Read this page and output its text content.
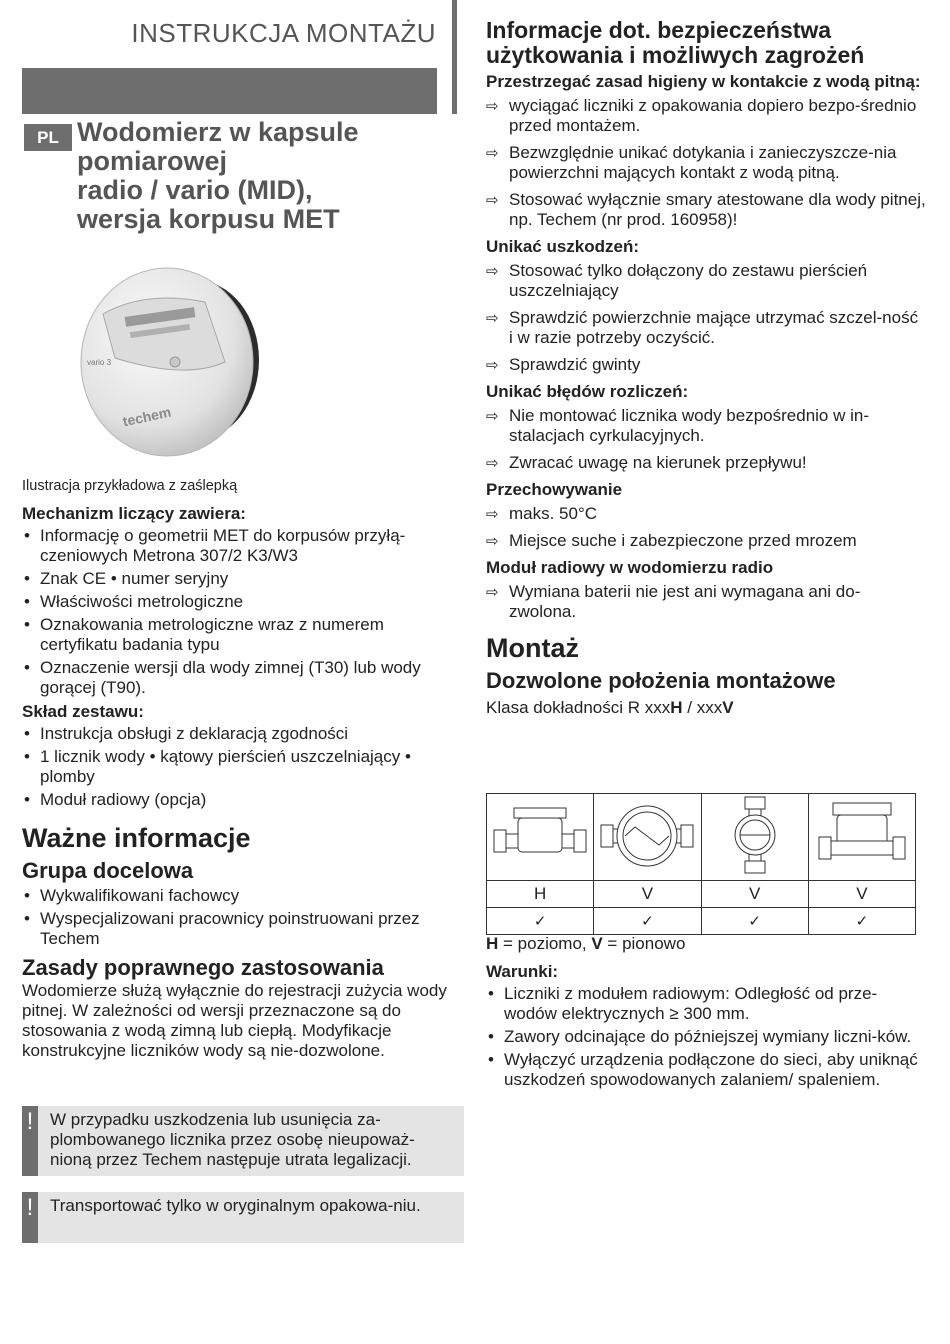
INSTRUKCJA MONTAŻU
PL Wodomierz w kapsule
pomiarowej
radio / vario (MID),
wersja korpusu MET
vario 3
techem
Ilustracja przykładowa z zaślepką
Mechanizm liczący zawiera:
• Informację o geometrii MET do korpusów przyłą-czeniowych Metrona 307/2 K3/W3
• Znak CE • numer seryjny
• Właściwości metrologiczne
• Oznakowania metrologiczne wraz z numerem certyfikatu badania typu
• Oznaczenie wersji dla wody zimnej (T30) lub wody gorącej (T90).
Skład zestawu:
• Instrukcja obsługi z deklaracją zgodności
• 1 licznik wody • kątowy pierścień uszczelniający • plomby
• Moduł radiowy (opcja)
Ważne informacje
Grupa docelowa
• Wykwalifikowani fachowcy
• Wyspecjalizowani pracownicy poinstruowani przez Techem
Zasady poprawnego zastosowania
Wodomierze służą wyłącznie do rejestracji zużycia wody pitnej. W zależności od wersji przeznaczone są do stosowania z wodą zimną lub ciepłą. Modyfikacje konstrukcyjne liczników wody są nie-dozwolone.
! W przypadku uszkodzenia lub usunięcia za-plombowanego licznika przez osobę nieupoważ-nioną przez Techem następuje utrata legalizacji.
! Transportować tylko w oryginalnym opakowa-niu.
Informacje dot. bezpieczeństwa użytkowania i możliwych zagrożeń
Przestrzegać zasad higieny w kontakcie z wodą pitną:
⇨ wyciągać liczniki z opakowania dopiero bezpo-średnio przed montażem.
⇨ Bezwzględnie unikać dotykania i zanieczyszcze-nia powierzchni mających kontakt z wodą pitną.
⇨ Stosować wyłącznie smary atestowane dla wody pitnej, np. Techem (nr prod. 160958)!
Unikać uszkodzeń:
⇨ Stosować tylko dołączony do zestawu pierścień uszczelniający
⇨ Sprawdzić powierzchnie mające utrzymać szczel-ność i w razie potrzeby oczyścić.
⇨ Sprawdzić gwinty
Unikać błędów rozliczeń:
⇨ Nie montować licznika wody bezpośrednio w in-stalacjach cyrkulacyjnych.
⇨ Zwracać uwagę na kierunek przepływu!
Przechowywanie
⇨ maks. 50°C
⇨ Miejsce suche i zabezpieczone przed mrozem
Moduł radiowy w wodomierzu radio
⇨ Wymiana baterii nie jest ani wymagana ani do-zwolona.
Montaż
Dozwolone położenia montażowe
Klasa dokładności R xxxH / xxxV

H	V	V	V
✓	✓	✓	✓
H = poziomo, V = pionowo
Warunki:
• Liczniki z modułem radiowym: Odległość od prze-wodów elektrycznych ≥ 300 mm.
• Zawory odcinające do późniejszej wymiany liczni-ków.
• Wyłączyć urządzenia podłączone do sieci, aby uniknąć uszkodzeń spowodowanych zalaniem/ spaleniem.
